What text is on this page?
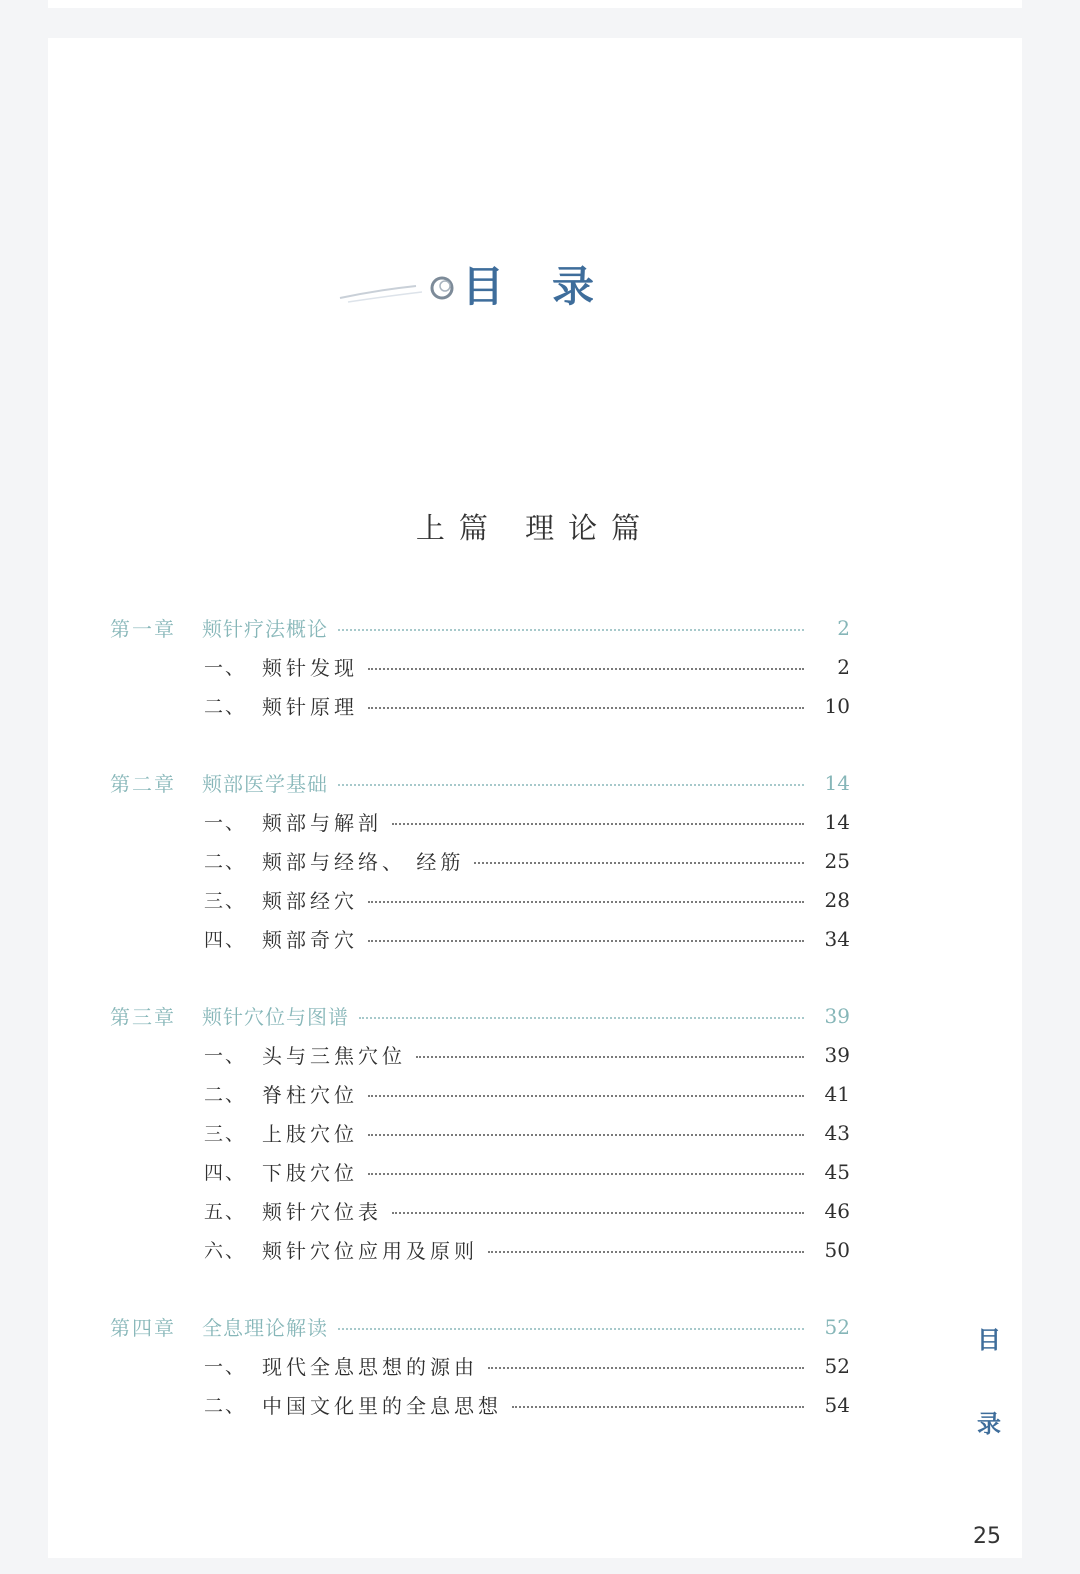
目录
上篇 理论篇
第一章	颊针疗法概论	2
一、 颊针发现	2
二、 颊针原理	10
第二章	颊部医学基础	14
一、 颊部与解剖	14
二、 颊部与经络、 经筋	25
三、 颊部经穴	28
四、 颊部奇穴	34
第三章	颊针穴位与图谱	39
一、 头与三焦穴位	39
二、 脊柱穴位	41
三、 上肢穴位	43
四、 下肢穴位	45
五、 颊针穴位表	46
六、 颊针穴位应用及原则	50
第四章	全息理论解读	52
一、 现代全息思想的源由	52
二、 中国文化里的全息思想	54
目
录
25
